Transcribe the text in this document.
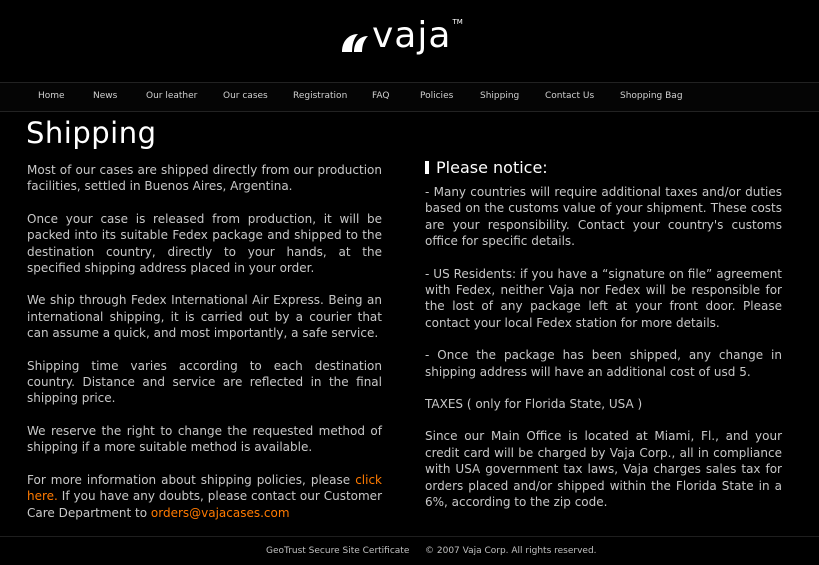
vaja TM
Home	News	Our leather	Our cases	Registration	FAQ	Policies	Shipping	Contact Us	Shopping Bag
Shipping

Most of our cases are shipped directly from our production facilities, settled in Buenos Aires, Argentina.

Once your case is released from production, it will be packed into its suitable Fedex package and shipped to the destination country, directly to your hands, at the specified shipping address placed in your order.

We ship through Fedex International Air Express. Being an international shipping, it is carried out by a courier that can assume a quick, and most importantly, a safe service.

Shipping time varies according to each destination country. Distance and service are reflected in the final shipping price.

We reserve the right to change the requested method of shipping if a more suitable method is available.

For more information about shipping policies, please click here. If you have any doubts, please contact our Customer Care Department to orders@vajacases.com

Please notice:

- Many countries will require additional taxes and/or duties based on the customs value of your shipment. These costs are your responsibility. Contact your country's customs office for specific details.

- US Residents: if you have a “signature on file” agreement with Fedex, neither Vaja nor Fedex will be responsible for the lost of any package left at your front door. Please contact your local Fedex station for more details.

- Once the package has been shipped, any change in shipping address will have an additional cost of usd 5.

TAXES ( only for Florida State, USA )

Since our Main Office is located at Miami, Fl., and your credit card will be charged by Vaja Corp., all in compliance with USA government tax laws, Vaja charges sales tax for orders placed and/or shipped within the Florida State in a 6%, according to the zip code.

GeoTrust Secure Site Certificate © 2007 Vaja Corp. All rights reserved.
